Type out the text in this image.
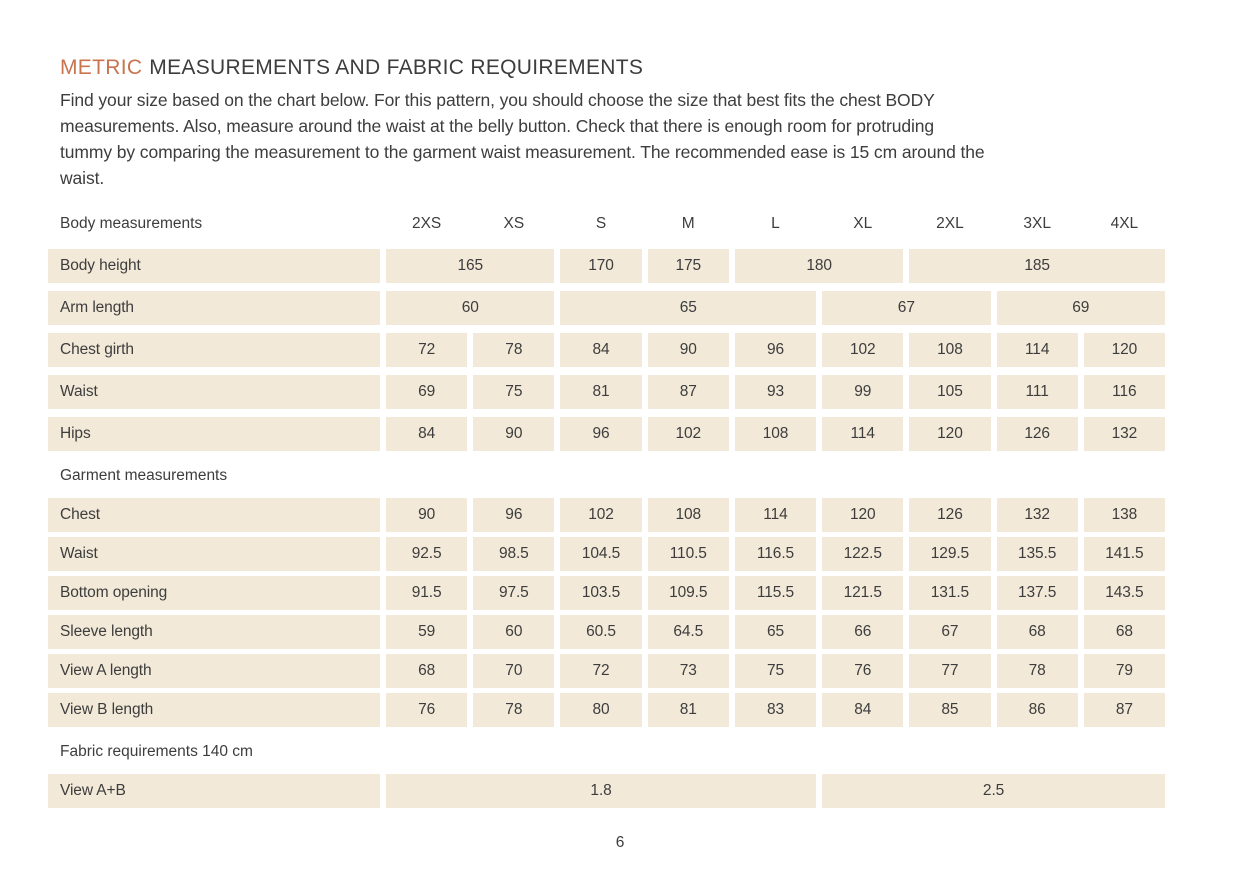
METRIC MEASUREMENTS AND FABRIC REQUIREMENTS
Find your size based on the chart below. For this pattern, you should choose the size that best fits the chest BODY
measurements. Also, measure around the waist at the belly button. Check that there is enough room for protruding
tummy by comparing the measurement to the garment waist measurement. The recommended ease is 15 cm around the
waist.
Body measurements	2XS	XS	S	M	L	XL	2XL	3XL	4XL
Body height	165	170	175	180	185
Arm length	60	65	67	69
Chest girth	72	78	84	90	96	102	108	114	120
Waist	69	75	81	87	93	99	105	111	116
Hips	84	90	96	102	108	114	120	126	132
Garment measurements
Chest	90	96	102	108	114	120	126	132	138
Waist	92.5	98.5	104.5	110.5	116.5	122.5	129.5	135.5	141.5
Bottom opening	91.5	97.5	103.5	109.5	115.5	121.5	131.5	137.5	143.5
Sleeve length	59	60	60.5	64.5	65	66	67	68	68
View A length	68	70	72	73	75	76	77	78	79
View B length	76	78	80	81	83	84	85	86	87
Fabric requirements 140 cm
View A+B	1.8	2.5
6
